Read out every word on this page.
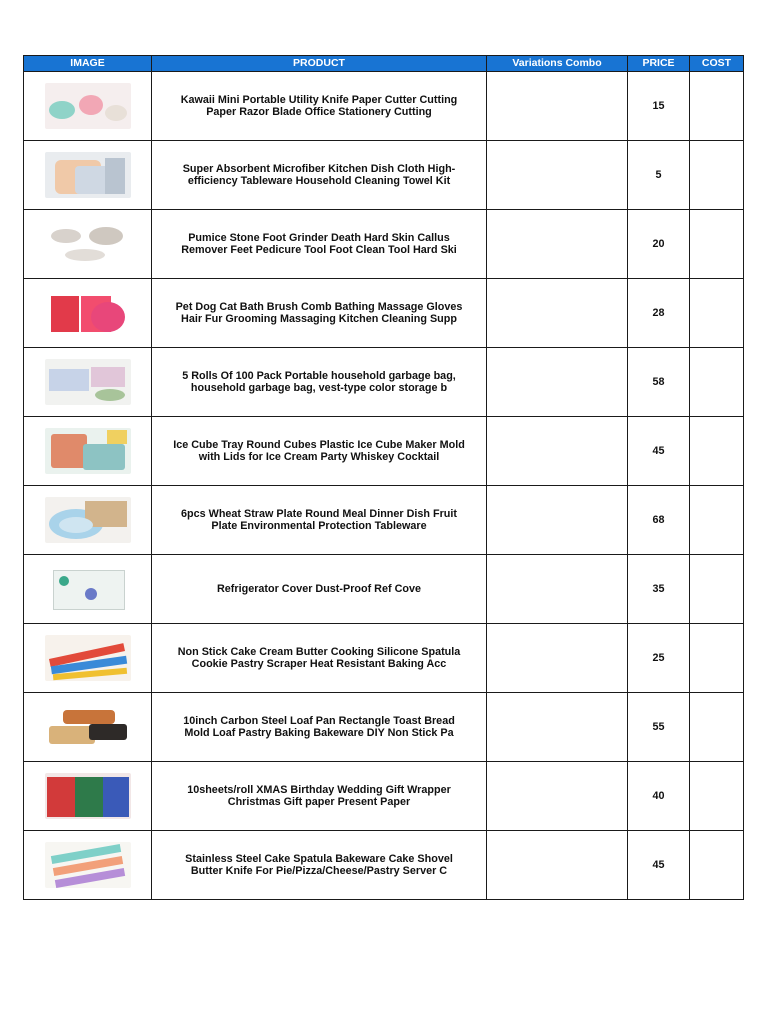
IMAGE	PRODUCT	Variations Combo	PRICE	COST

	Kawaii Mini Portable Utility Knife Paper Cutter Cutting
Paper Razor Blade Office Stationery Cutting		15	

	Super Absorbent Microfiber Kitchen Dish Cloth High-
efficiency Tableware Household Cleaning Towel Kit		5	

	Pumice Stone Foot Grinder Death Hard Skin Callus
Remover Feet Pedicure Tool Foot Clean Tool Hard Ski		20	

	Pet Dog Cat Bath Brush Comb Bathing Massage Gloves
Hair Fur Grooming Massaging Kitchen Cleaning Supp		28	

	5 Rolls Of 100 Pack Portable household garbage bag,
household garbage bag, vest-type color storage b		58	

	Ice Cube Tray Round Cubes Plastic Ice Cube Maker Mold
with Lids for Ice Cream Party Whiskey Cocktail		45	

	6pcs Wheat Straw Plate Round Meal Dinner Dish Fruit
Plate Environmental Protection Tableware		68	

	Refrigerator Cover Dust-Proof Ref Cove		35	

	Non Stick Cake Cream Butter Cooking Silicone Spatula
Cookie Pastry Scraper Heat Resistant Baking Acc		25	

	10inch Carbon Steel Loaf Pan Rectangle Toast Bread
Mold Loaf Pastry Baking Bakeware DIY Non Stick Pa		55	

	10sheets/roll XMAS Birthday Wedding Gift Wrapper
Christmas Gift paper Present Paper		40	

	Stainless Steel Cake Spatula Bakeware Cake Shovel
Butter Knife For Pie/Pizza/Cheese/Pastry Server C		45	
